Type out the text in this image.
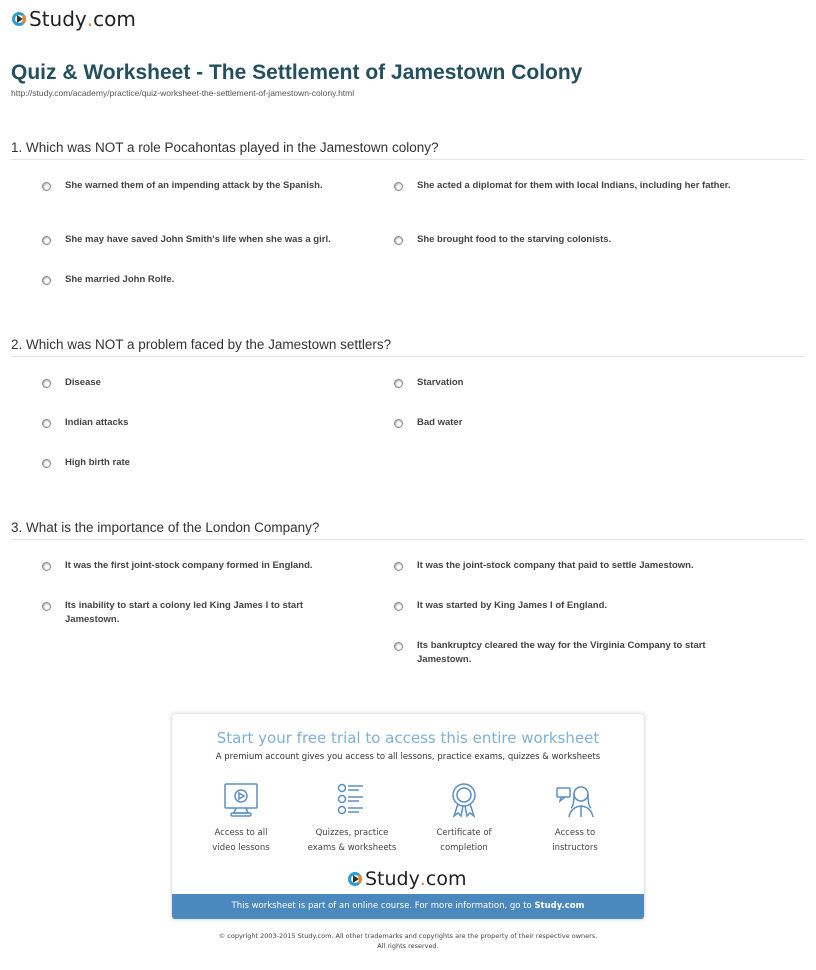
Study . com
Quiz & Worksheet - The Settlement of Jamestown Colony
http://study.com/academy/practice/quiz-worksheet-the-settlement-of-jamestown-colony.html
1. Which was NOT a role Pocahontas played in the Jamestown colony?
She warned them of an impending attack by the Spanish.	She acted a diplomat for them with local Indians, including her father.
She may have saved John Smith's life when she was a girl.	She brought food to the starving colonists.
She married John Rolfe.
2. Which was NOT a problem faced by the Jamestown settlers?
Disease	Starvation
Indian attacks	Bad water
High birth rate
3. What is the importance of the London Company?
It was the first joint-stock company formed in England.	It was the joint-stock company that paid to settle Jamestown.
Its inability to start a colony led King James I to start Jamestown.
It was started by King James I of England.
Its bankruptcy cleared the way for the Virginia Company to start Jamestown.
Start your free trial to access this entire worksheet
A premium account gives you access to all lessons, practice exams, quizzes & worksheets
Access to all
video lessons
Quizzes, practice
exams & worksheets
Certificate of
completion
Access to
instructors
Study . com
This worksheet is part of an online course. For more information, go to Study.com
© copyright 2003-2015 Study.com. All other trademarks and copyrights are the property of their respective owners.
All rights reserved.
